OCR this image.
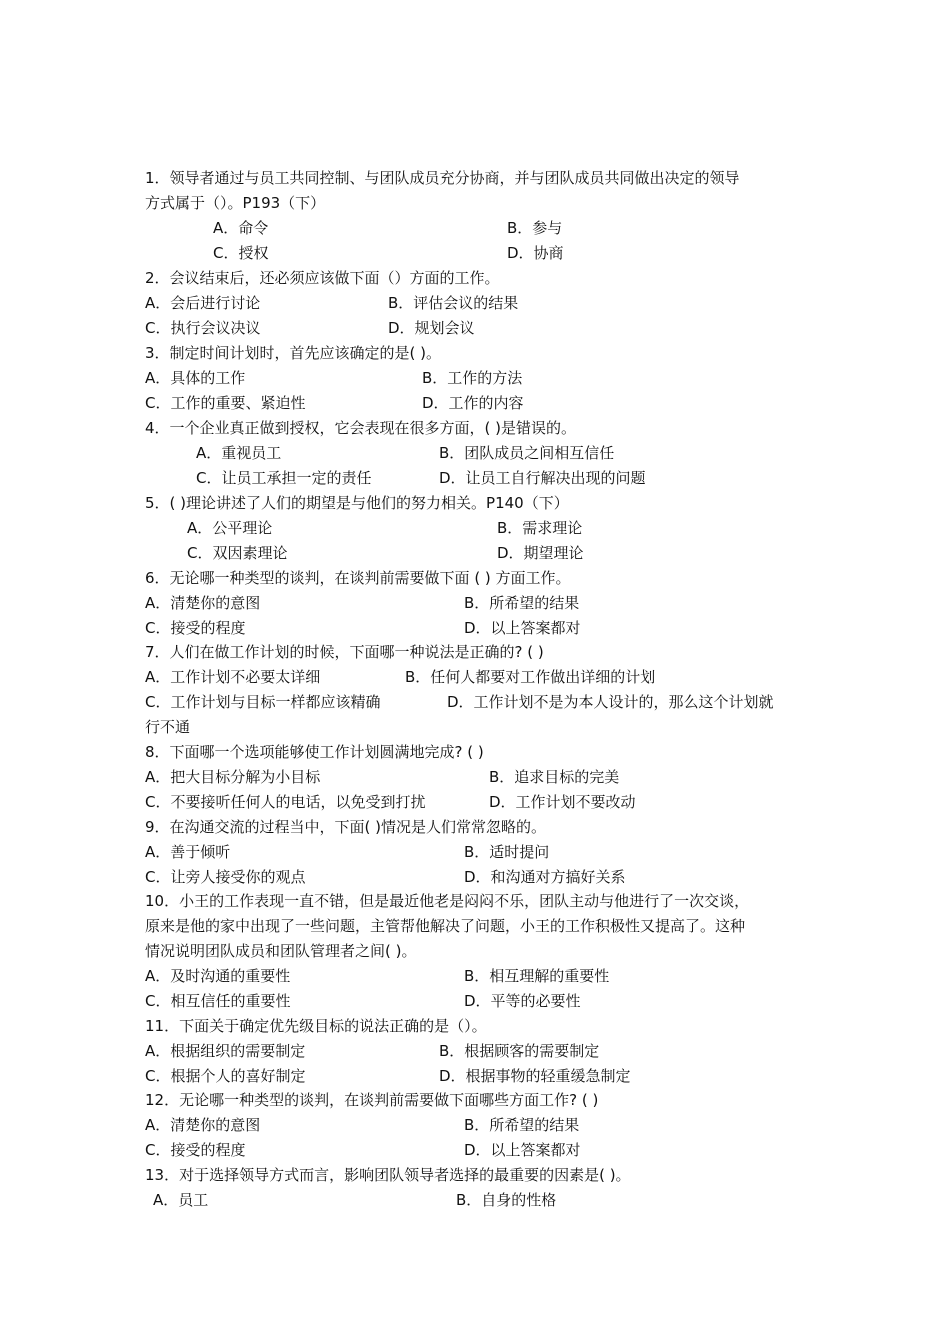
1．领导者通过与员工共同控制、与团队成员充分协商，并与团队成员共同做出决定的领导
方式属于（）。P193（下）
A．命令	B．参与
C．授权	D．协商
2．会议结束后，还必须应该做下面（）方面的工作。
A．会后进行讨论	B．评估会议的结果
C．执行会议决议	D．规划会议
3．制定时间计划时，首先应该确定的是( )。
A．具体的工作	B．工作的方法
C．工作的重要、紧迫性	D．工作的内容
4．一个企业真正做到授权，它会表现在很多方面，( )是错误的。
A．重视员工	B．团队成员之间相互信任
C．让员工承担一定的责任	D．让员工自行解决出现的问题
5．( )理论讲述了人们的期望是与他们的努力相关。P140（下）
A．公平理论	B．需求理论
C．双因素理论	D．期望理论
6．无论哪一种类型的谈判，在谈判前需要做下面 ( ) 方面工作。
A．清楚你的意图	B．所希望的结果
C．接受的程度	D．以上答案都对
7．人们在做工作计划的时候，下面哪一种说法是正确的? ( )
A．工作计划不必要太详细	B．任何人都要对工作做出详细的计划
C．工作计划与目标一样都应该精确	D．工作计划不是为本人设计的，那么这个计划就
行不通
8．下面哪一个选项能够使工作计划圆满地完成? ( )
A．把大目标分解为小目标	B．追求目标的完美
C．不要接听任何人的电话，以免受到打扰	D．工作计划不要改动
9．在沟通交流的过程当中，下面( )情况是人们常常忽略的。
A．善于倾听	B．适时提问
C．让旁人接受你的观点	D．和沟通对方搞好关系
10．小王的工作表现一直不错，但是最近他老是闷闷不乐，团队主动与他进行了一次交谈，
原来是他的家中出现了一些问题，主管帮他解决了问题，小王的工作积极性又提高了。这种
情况说明团队成员和团队管理者之间( )。
A．及时沟通的重要性	B．相互理解的重要性
C．相互信任的重要性	D．平等的必要性
11．下面关于确定优先级目标的说法正确的是（）。
A．根据组织的需要制定	B．根据顾客的需要制定
C．根据个人的喜好制定	D．根据事物的轻重缓急制定
12．无论哪一种类型的谈判，在谈判前需要做下面哪些方面工作? ( )
A．清楚你的意图	B．所希望的结果
C．接受的程度	D．以上答案都对
13．对于选择领导方式而言，影响团队领导者选择的最重要的因素是( )。
A．员工	B．自身的性格
